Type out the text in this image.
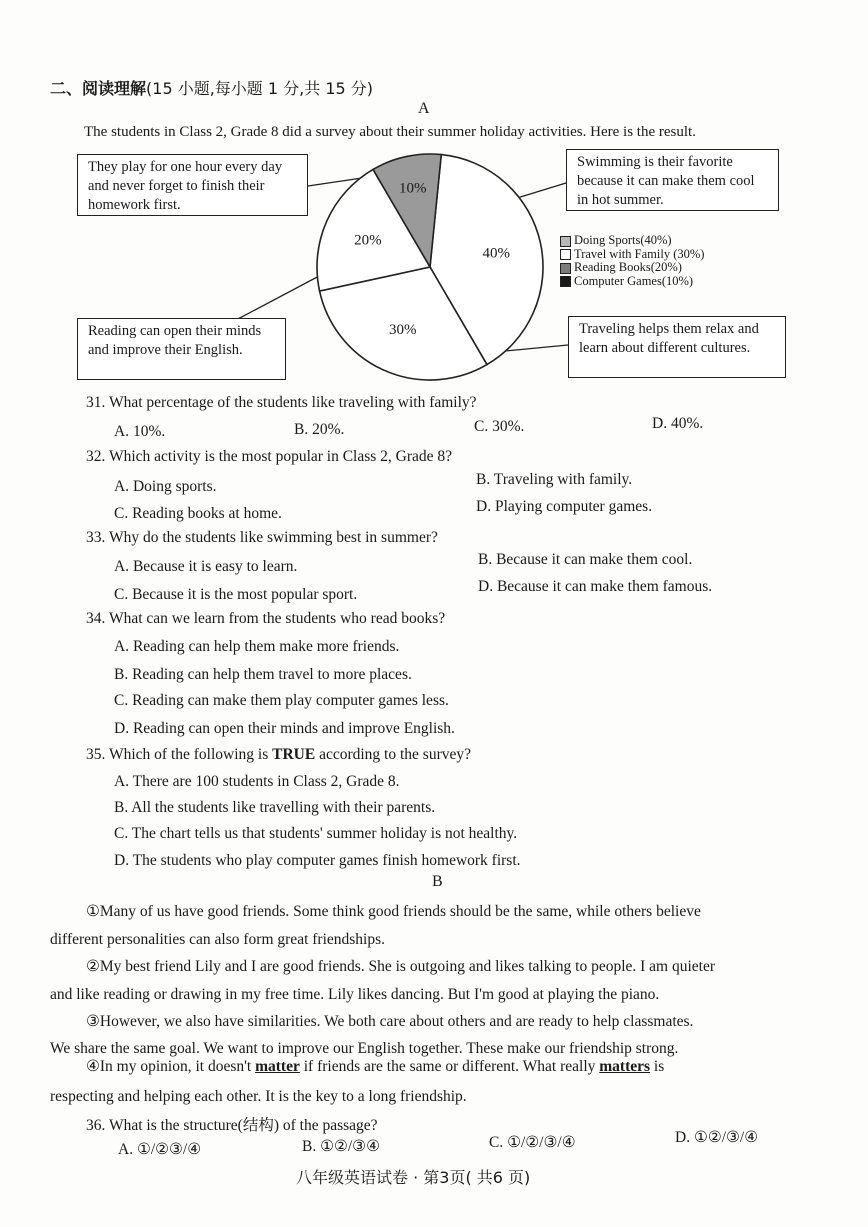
二、阅读理解(15 小题,每小题 1 分,共 15 分)
A
The students in Class 2, Grade 8 did a survey about their summer holiday activities. Here is the result.
40%
30%
20%
10%
They play for one hour every day and never forget to finish their homework first.
Swimming is their favorite because it can make them cool in hot summer.
Reading can open their minds and improve their English.
Traveling helps them relax and learn about different cultures.
Doing Sports(40%)
Travel with Family (30%)
Reading Books(20%)
Computer Games(10%)
31. What percentage of the students like traveling with family?
A. 10%.	B. 20%.	C. 30%.	D. 40%.
32. Which activity is the most popular in Class 2, Grade 8?
A. Doing sports.	B. Traveling with family.
C. Reading books at home.	D. Playing computer games.
33. Why do the students like swimming best in summer?
A. Because it is easy to learn.	B. Because it can make them cool.
C. Because it is the most popular sport.	D. Because it can make them famous.
34. What can we learn from the students who read books?
A. Reading can help them make more friends.
B. Reading can help them travel to more places.
C. Reading can make them play computer games less.
D. Reading can open their minds and improve English.
35. Which of the following is TRUE according to the survey?
A. There are 100 students in Class 2, Grade 8.
B. All the students like travelling with their parents.
C. The chart tells us that students' summer holiday is not healthy.
D. The students who play computer games finish homework first.
B
①Many of us have good friends. Some think good friends should be the same, while others believe
different personalities can also form great friendships.
②My best friend Lily and I are good friends. She is outgoing and likes talking to people. I am quieter
and like reading or drawing in my free time. Lily likes dancing. But I'm good at playing the piano.
③However, we also have similarities. We both care about others and are ready to help classmates.
We share the same goal. We want to improve our English together. These make our friendship strong.
④In my opinion, it doesn't matter if friends are the same or different. What really matters is
respecting and helping each other. It is the key to a long friendship.
36. What is the structure(结构) of the passage?
A. ①/②③/④	B. ①②/③④	C. ①/②/③/④	D. ①②/③/④
八年级英语试卷 · 第3页( 共6 页)
